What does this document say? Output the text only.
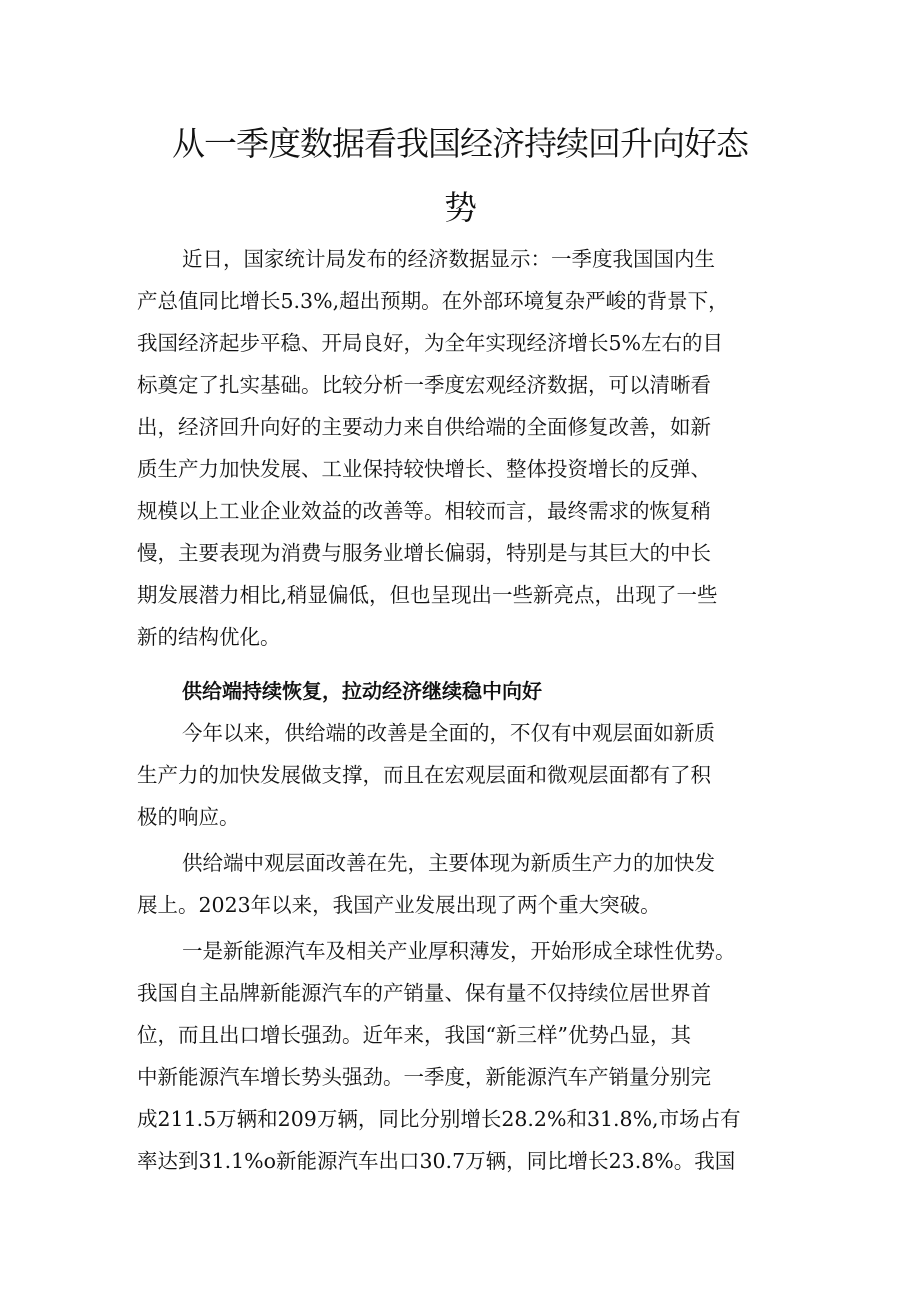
从一季度数据看我国经济持续回升向好态
势

近日，国家统计局发布的经济数据显示：一季度我国国内生

产总值同比增长5.3%,超出预期。在外部环境复杂严峻的背景下，

我国经济起步平稳、开局良好，为全年实现经济增长5%左右的目

标奠定了扎实基础。比较分析一季度宏观经济数据，可以清晰看

出，经济回升向好的主要动力来自供给端的全面修复改善，如新

质生产力加快发展、工业保持较快增长、整体投资增长的反弹、

规模以上工业企业效益的改善等。相较而言，最终需求的恢复稍

慢，主要表现为消费与服务业增长偏弱，特别是与其巨大的中长

期发展潜力相比,稍显偏低，但也呈现出一些新亮点，出现了一些

新的结构优化。

供给端持续恢复，拉动经济继续稳中向好

今年以来，供给端的改善是全面的，不仅有中观层面如新质

生产力的加快发展做支撑，而且在宏观层面和微观层面都有了积

极的响应。

供给端中观层面改善在先，主要体现为新质生产力的加快发

展上。2023年以来，我国产业发展出现了两个重大突破。

一是新能源汽车及相关产业厚积薄发，开始形成全球性优势。

我国自主品牌新能源汽车的产销量、保有量不仅持续位居世界首

位，而且出口增长强劲。近年来，我国“新三样”优势凸显，其

中新能源汽车增长势头强劲。一季度，新能源汽车产销量分别完

成211.5万辆和209万辆，同比分别增长28.2%和31.8%,市场占有

率达到31.1%o新能源汽车出口30.7万辆，同比增长23.8%。我国
